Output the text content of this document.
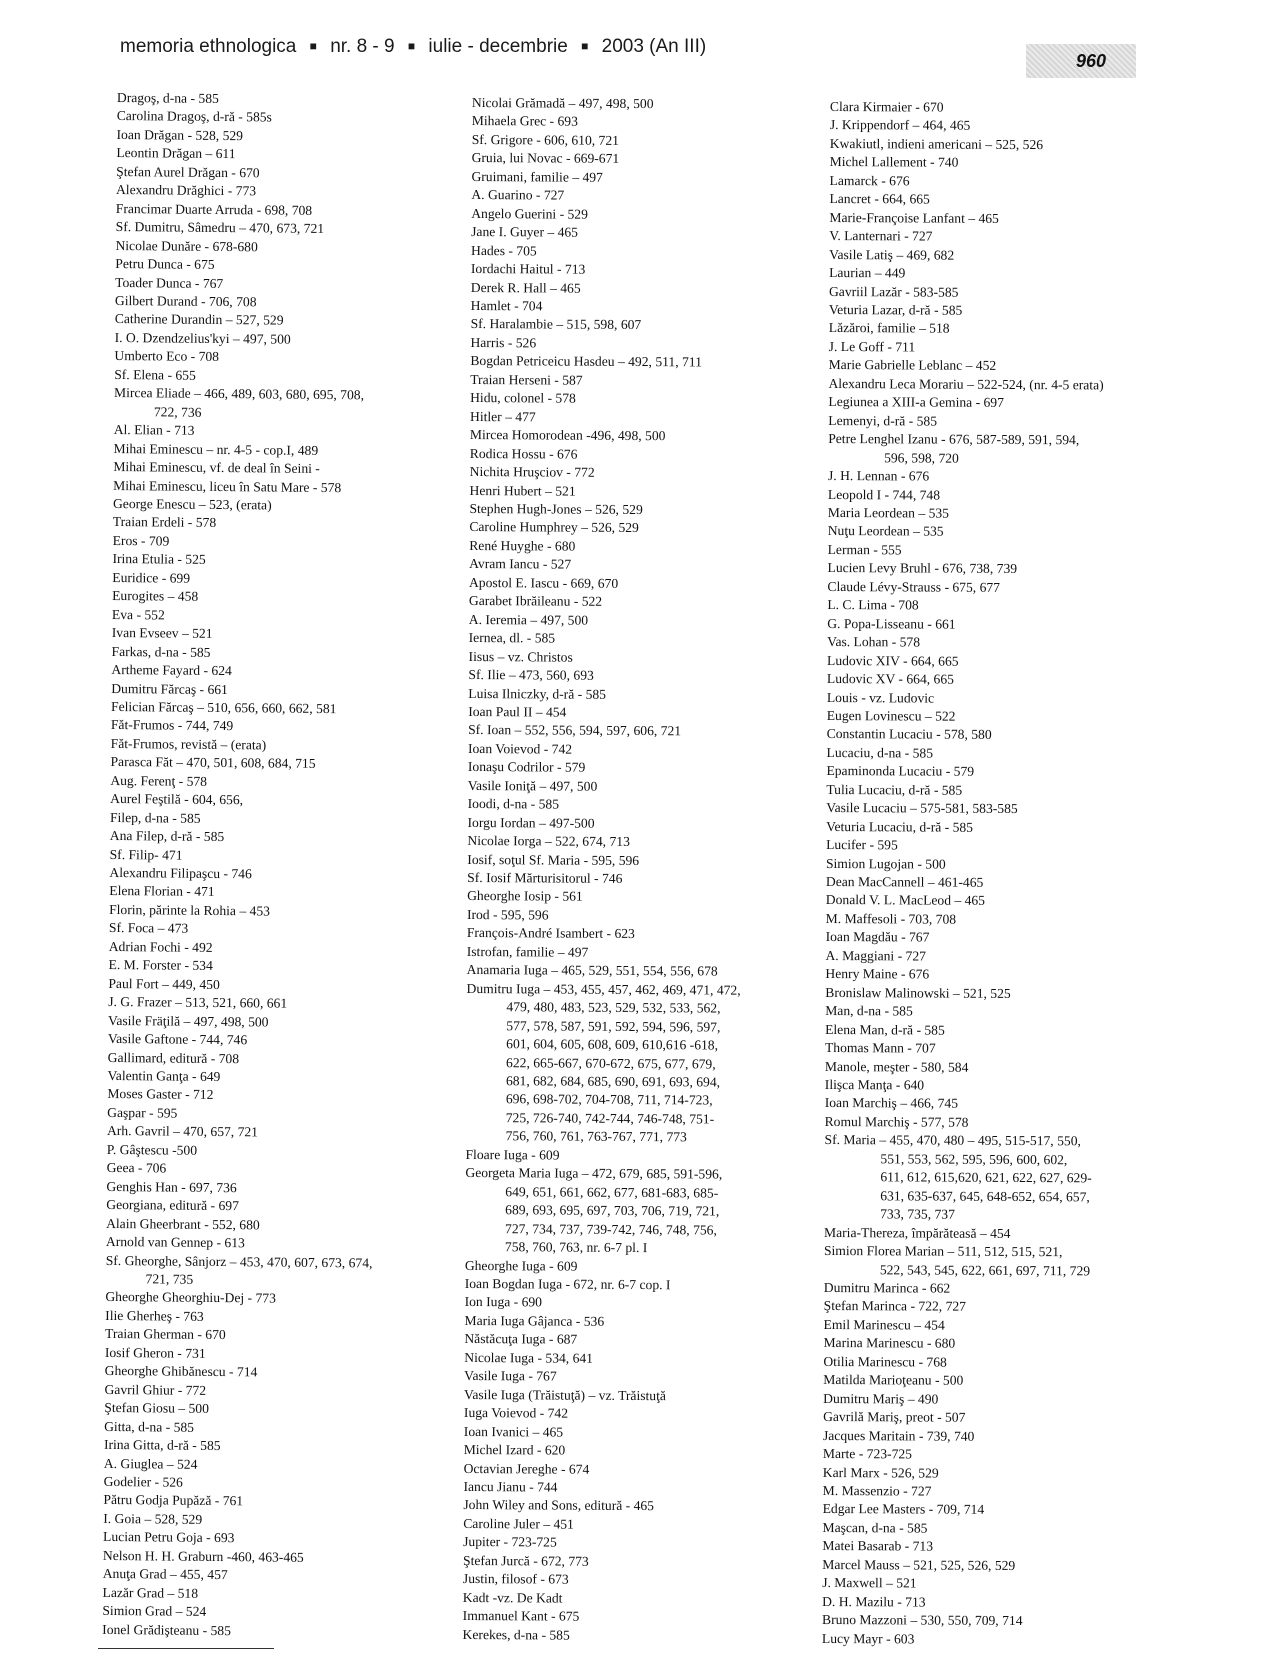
memoria ethnologica ■ nr. 8 - 9 ■ iulie - decembrie ■ 2003 (An III)
960
Dragoş, d-na - 585
Carolina Dragoş, d-ră - 585s
Ioan Drăgan - 528, 529
Leontin Drăgan – 611
Ştefan Aurel Drăgan - 670
Alexandru Drăghici - 773
Francimar Duarte Arruda - 698, 708
Sf. Dumitru, Sâmedru – 470, 673, 721
Nicolae Dunăre - 678-680
Petru Dunca - 675
Toader Dunca - 767
Gilbert Durand - 706, 708
Catherine Durandin – 527, 529
I. O. Dzendzelius'kyi – 497, 500
Umberto Eco - 708
Sf. Elena - 655
Mircea Eliade – 466, 489, 603, 680, 695, 708,
722, 736
Al. Elian - 713
Mihai Eminescu – nr. 4-5 - cop.I, 489
Mihai Eminescu, vf. de deal în Seini -
Mihai Eminescu, liceu în Satu Mare - 578
George Enescu – 523, (erata)
Traian Erdeli - 578
Eros - 709
Irina Etulia - 525
Euridice - 699
Eurogites – 458
Eva - 552
Ivan Evseev – 521
Farkas, d-na - 585
Artheme Fayard - 624
Dumitru Fărcaş - 661
Felician Fărcaş – 510, 656, 660, 662, 581
Făt-Frumos - 744, 749
Făt-Frumos, revistă – (erata)
Parasca Făt – 470, 501, 608, 684, 715
Aug. Ferenţ - 578
Aurel Feştilă - 604, 656,
Filep, d-na - 585
Ana Filep, d-ră - 585
Sf. Filip- 471
Alexandru Filipaşcu - 746
Elena Florian - 471
Florin, părinte la Rohia – 453
Sf. Foca – 473
Adrian Fochi - 492
E. M. Forster - 534
Paul Fort – 449, 450
J. G. Frazer – 513, 521, 660, 661
Vasile Fräţilă – 497, 498, 500
Vasile Gaftone - 744, 746
Gallimard, editură - 708
Valentin Ganţa - 649
Moses Gaster - 712
Gaşpar - 595
Arh. Gavril – 470, 657, 721
P. Gâştescu -500
Geea - 706
Genghis Han - 697, 736
Georgiana, editură - 697
Alain Gheerbrant - 552, 680
Arnold van Gennep - 613
Sf. Gheorghe, Sânjorz – 453, 470, 607, 673, 674,
721, 735
Gheorghe Gheorghiu-Dej - 773
Ilie Gherheş - 763
Traian Gherman - 670
Iosif Gheron - 731
Gheorghe Ghibănescu - 714
Gavril Ghiur - 772
Ştefan Giosu – 500
Gitta, d-na - 585
Irina Gitta, d-ră - 585
A. Giuglea – 524
Godelier - 526
Pătru Godja Pupăză - 761
I. Goia – 528, 529
Lucian Petru Goja - 693
Nelson H. H. Graburn -460, 463-465
Anuţa Grad – 455, 457
Lazăr Grad – 518
Simion Grad – 524
Ionel Grădişteanu - 585
Nicolai Grămadă – 497, 498, 500
Mihaela Grec - 693
Sf. Grigore - 606, 610, 721
Gruia, lui Novac - 669-671
Gruimani, familie – 497
A. Guarino - 727
Angelo Guerini - 529
Jane I. Guyer – 465
Hades - 705
Iordachi Haitul - 713
Derek R. Hall – 465
Hamlet - 704
Sf. Haralambie – 515, 598, 607
Harris - 526
Bogdan Petriceicu Hasdeu – 492, 511, 711
Traian Herseni - 587
Hidu, colonel - 578
Hitler – 477
Mircea Homorodean -496, 498, 500
Rodica Hossu - 676
Nichita Hruşciov - 772
Henri Hubert – 521
Stephen Hugh-Jones – 526, 529
Caroline Humphrey – 526, 529
René Huyghe - 680
Avram Iancu - 527
Apostol E. Iascu - 669, 670
Garabet Ibrăileanu - 522
A. Ieremia – 497, 500
Iernea, dl. - 585
Iisus – vz. Christos
Sf. Ilie – 473, 560, 693
Luisa Ilniczky, d-ră - 585
Ioan Paul II – 454
Sf. Ioan – 552, 556, 594, 597, 606, 721
Ioan Voievod - 742
Ionaşu Codrilor - 579
Vasile Ioniţă – 497, 500
Ioodi, d-na - 585
Iorgu Iordan – 497-500
Nicolae Iorga – 522, 674, 713
Iosif, soţul Sf. Maria - 595, 596
Sf. Iosif Mărturisitorul - 746
Gheorghe Iosip - 561
Irod - 595, 596
François-André Isambert - 623
Istrofan, familie – 497
Anamaria Iuga – 465, 529, 551, 554, 556, 678
Dumitru Iuga – 453, 455, 457, 462, 469, 471, 472,
479, 480, 483, 523, 529, 532, 533, 562,
577, 578, 587, 591, 592, 594, 596, 597,
601, 604, 605, 608, 609, 610,616 -618,
622, 665-667, 670-672, 675, 677, 679,
681, 682, 684, 685, 690, 691, 693, 694,
696, 698-702, 704-708, 711, 714-723,
725, 726-740, 742-744, 746-748, 751-
756, 760, 761, 763-767, 771, 773
Floare Iuga - 609
Georgeta Maria Iuga – 472, 679, 685, 591-596,
649, 651, 661, 662, 677, 681-683, 685-
689, 693, 695, 697, 703, 706, 719, 721,
727, 734, 737, 739-742, 746, 748, 756,
758, 760, 763, nr. 6-7 pl. I
Gheorghe Iuga - 609
Ioan Bogdan Iuga - 672, nr. 6-7 cop. I
Ion Iuga - 690
Maria Iuga Gâjanca - 536
Năstăcuţa Iuga - 687
Nicolae Iuga - 534, 641
Vasile Iuga - 767
Vasile Iuga (Trăistuţă) – vz. Trăistuţă
Iuga Voievod - 742
Ioan Ivanici – 465
Michel Izard - 620
Octavian Jereghe - 674
Iancu Jianu - 744
John Wiley and Sons, editură - 465
Caroline Juler – 451
Jupiter - 723-725
Ştefan Jurcă - 672, 773
Justin, filosof - 673
Kadt -vz. De Kadt
Immanuel Kant - 675
Kerekes, d-na - 585
Clara Kirmaier - 670
J. Krippendorf – 464, 465
Kwakiutl, indieni americani – 525, 526
Michel Lallement - 740
Lamarck - 676
Lancret - 664, 665
Marie-Françoise Lanfant – 465
V. Lanternari - 727
Vasile Latiş – 469, 682
Laurian – 449
Gavriil Lazăr - 583-585
Veturia Lazar, d-ră - 585
Lăzăroi, familie – 518
J. Le Goff - 711
Marie Gabrielle Leblanc – 452
Alexandru Leca Morariu – 522-524, (nr. 4-5 erata)
Legiunea a XIII-a Gemina - 697
Lemenyi, d-ră - 585
Petre Lenghel Izanu - 676, 587-589, 591, 594,
596, 598, 720
J. H. Lennan - 676
Leopold I - 744, 748
Maria Leordean – 535
Nuţu Leordean – 535
Lerman - 555
Lucien Levy Bruhl - 676, 738, 739
Claude Lévy-Strauss - 675, 677
L. C. Lima - 708
G. Popa-Lisseanu - 661
Vas. Lohan - 578
Ludovic XIV - 664, 665
Ludovic XV - 664, 665
Louis - vz. Ludovic
Eugen Lovinescu – 522
Constantin Lucaciu - 578, 580
Lucaciu, d-na - 585
Epaminonda Lucaciu - 579
Tulia Lucaciu, d-ră - 585
Vasile Lucaciu – 575-581, 583-585
Veturia Lucaciu, d-ră - 585
Lucifer - 595
Simion Lugojan - 500
Dean MacCannell – 461-465
Donald V. L. MacLeod – 465
M. Maffesoli - 703, 708
Ioan Magdău - 767
A. Maggiani - 727
Henry Maine - 676
Bronislaw Malinowski – 521, 525
Man, d-na - 585
Elena Man, d-ră - 585
Thomas Mann - 707
Manole, meşter - 580, 584
Ilişca Manţa - 640
Ioan Marchiş – 466, 745
Romul Marchiş - 577, 578
Sf. Maria – 455, 470, 480 – 495, 515-517, 550,
551, 553, 562, 595, 596, 600, 602,
611, 612, 615,620, 621, 622, 627, 629-
631, 635-637, 645, 648-652, 654, 657,
733, 735, 737
Maria-Thereza, împărăteasă – 454
Simion Florea Marian – 511, 512, 515, 521,
522, 543, 545, 622, 661, 697, 711, 729
Dumitru Marinca - 662
Ştefan Marinca - 722, 727
Emil Marinescu – 454
Marina Marinescu - 680
Otilia Marinescu - 768
Matilda Marioţeanu - 500
Dumitru Mariş – 490
Gavrilă Mariş, preot - 507
Jacques Maritain - 739, 740
Marte - 723-725
Karl Marx - 526, 529
M. Massenzio - 727
Edgar Lee Masters - 709, 714
Maşcan, d-na - 585
Matei Basarab - 713
Marcel Mauss – 521, 525, 526, 529
J. Maxwell – 521
D. H. Mazilu - 713
Bruno Mazzoni – 530, 550, 709, 714
Lucy Mayr - 603
